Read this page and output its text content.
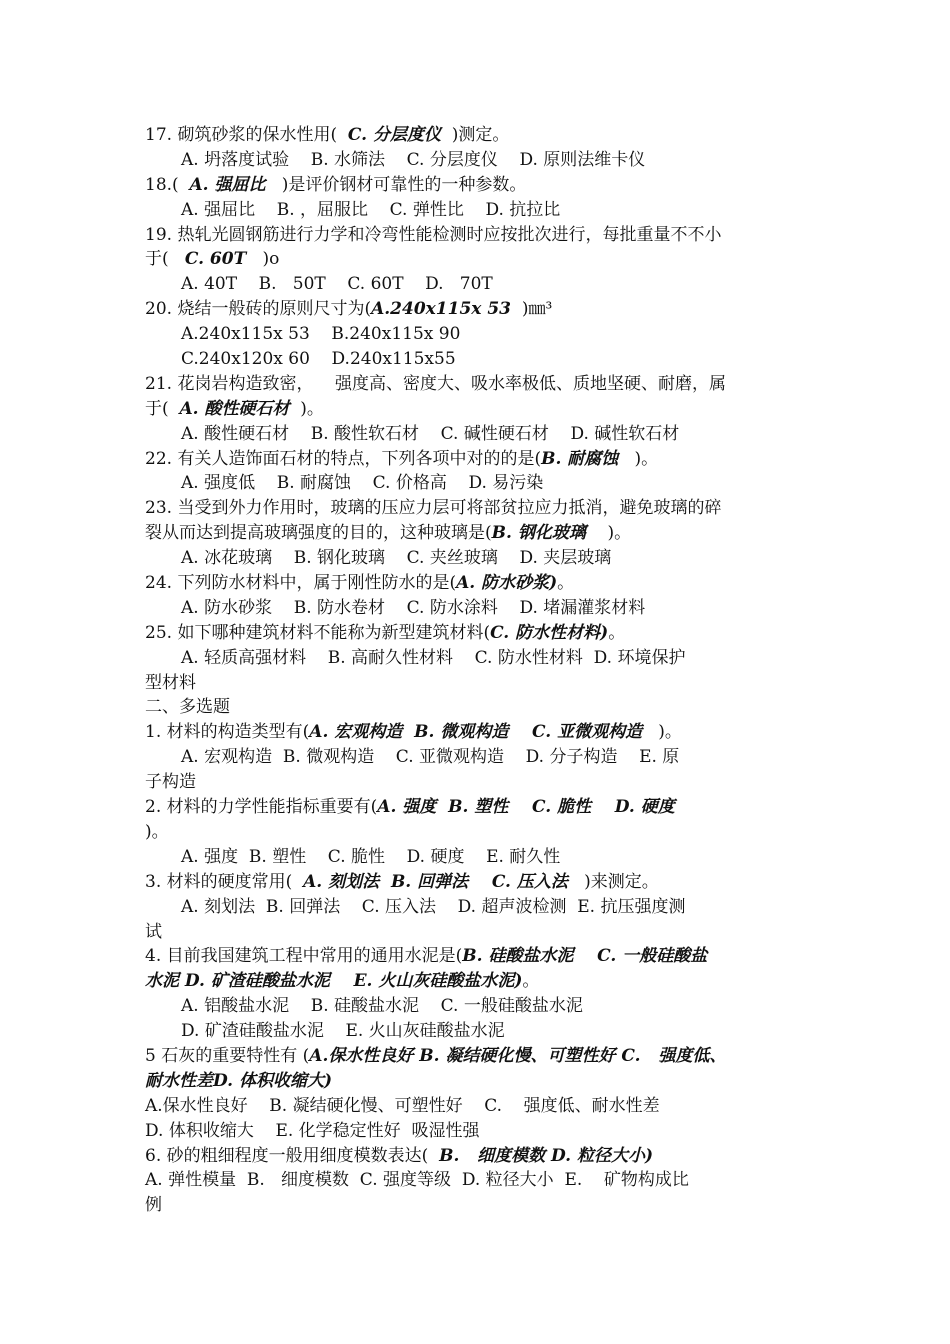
17. 砌筑砂浆的保水性用(  C. 分层度仪  )测定。
A. 坍落度试验    B. 水筛法    C. 分层度仪    D. 原则法维卡仪
18.(  A. 强屈比   )是评价钢材可靠性的一种参数。
A. 强屈比    B. ，屈服比    C. 弹性比    D. 抗拉比
19. 热轧光圆钢筋进行力学和冷弯性能检测时应按批次进行，每批重量不不小
于(   C. 60T   )o
A. 40T    B.   50T    C. 60T    D.   70T
20. 烧结一般砖的原则尺寸为(A.240x115x 53  )㎜³
A.240x115x 53    B.240x115x 90
C.240x120x 60    D.240x115x55
21. 花岗岩构造致密，    强度高、密度大、吸水率极低、质地坚硬、耐磨，属
于(  A. 酸性硬石材  )。
A. 酸性硬石材    B. 酸性软石材    C. 碱性硬石材    D. 碱性软石材
22. 有关人造饰面石材的特点，下列各项中对的的是(B. 耐腐蚀   )。
A. 强度低    B. 耐腐蚀    C. 价格高    D. 易污染
23. 当受到外力作用时，玻璃的压应力层可将部贫拉应力抵消，避免玻璃的碎
裂从而达到提高玻璃强度的目的，这种玻璃是(B. 钢化玻璃    )。
A. 冰花玻璃    B. 钢化玻璃    C. 夹丝玻璃    D. 夹层玻璃
24. 下列防水材料中，属于刚性防水的是(A. 防水砂浆)。
A. 防水砂浆    B. 防水卷材    C. 防水涂料    D. 堵漏灌浆材料
25. 如下哪种建筑材料不能称为新型建筑材料(C. 防水性材料)。
A. 轻质高强材料    B. 高耐久性材料    C. 防水性材料  D. 环境保护
型材料
二、多选题
1. 材料的构造类型有(A. 宏观构造  B. 微观构造    C. 亚微观构造   )。
A. 宏观构造  B. 微观构造    C. 亚微观构造    D. 分子构造    E. 原
子构造
2. 材料的力学性能指标重要有(A. 强度  B. 塑性    C. 脆性    D. 硬度
)。
A. 强度  B. 塑性    C. 脆性    D. 硬度    E. 耐久性
3. 材料的硬度常用(  A. 刻划法  B. 回弹法    C. 压入法   )来测定。
A. 刻划法  B. 回弹法    C. 压入法    D. 超声波检测  E. 抗压强度测
试
4. 目前我国建筑工程中常用的通用水泥是(B. 硅酸盐水泥    C. 一般硅酸盐
水泥 D. 矿渣硅酸盐水泥    E. 火山灰硅酸盐水泥)。
A. 铝酸盐水泥    B. 硅酸盐水泥    C. 一般硅酸盐水泥
D. 矿渣硅酸盐水泥    E. 火山灰硅酸盐水泥
5 石灰的重要特性有 (A.保水性良好 B. 凝结硬化慢、可塑性好 C.   强度低、
耐水性差D. 体积收缩大)
A.保水性良好    B. 凝结硬化慢、可塑性好    C.    强度低、耐水性差
D. 体积收缩大    E. 化学稳定性好  吸湿性强
6. 砂的粗细程度一般用细度模数表达(  B.   细度模数 D. 粒径大小)
A. 弹性模量  B.   细度模数  C. 强度等级  D. 粒径大小  E.    矿物构成比
例
